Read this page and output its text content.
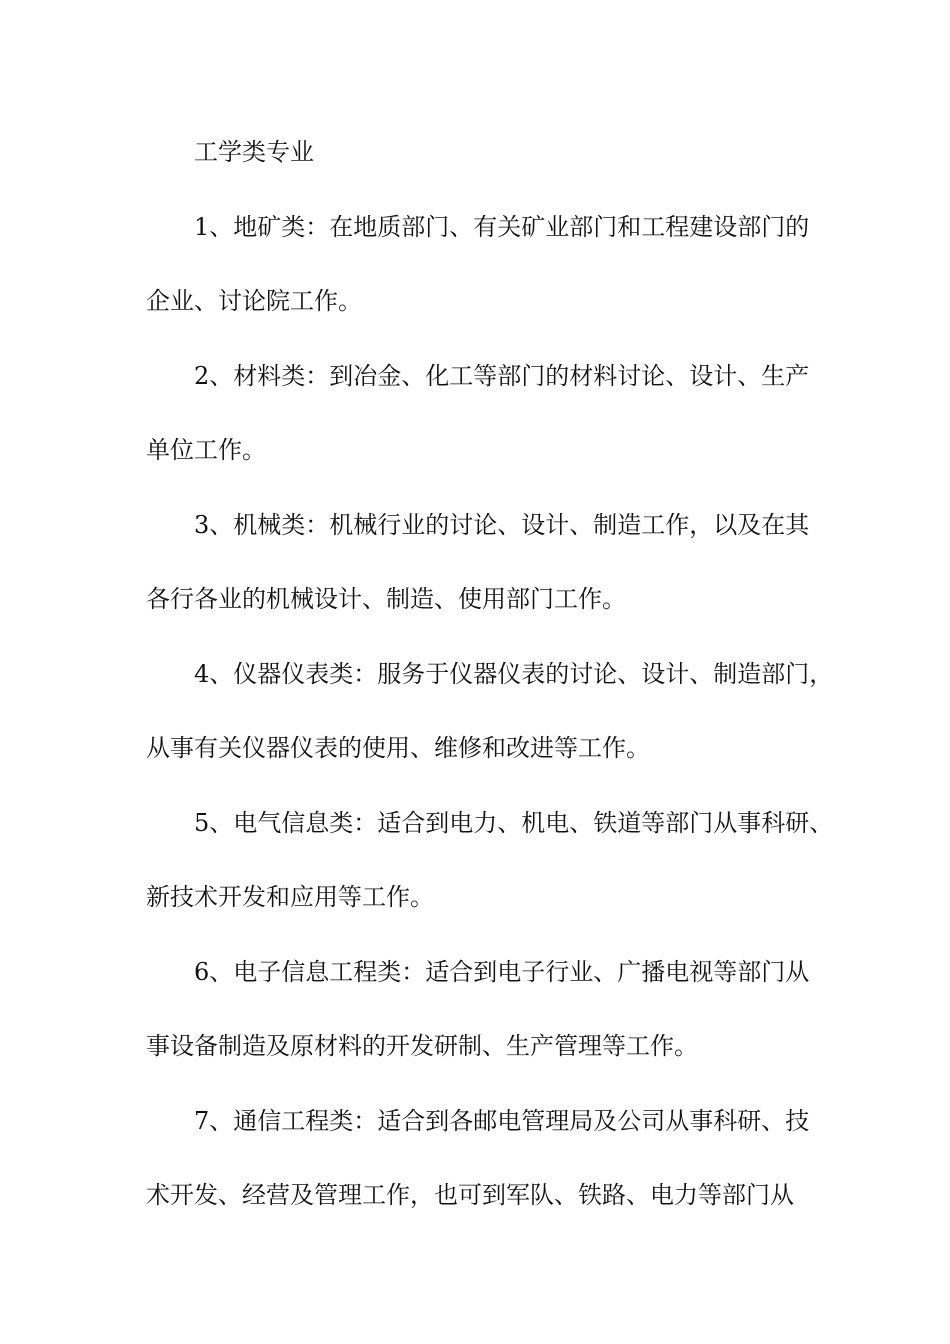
工学类专业
1、地矿类：在地质部门、有关矿业部门和工程建设部门的
企业、讨论院工作。
2、材料类：到冶金、化工等部门的材料讨论、设计、生产
单位工作。
3、机械类：机械行业的讨论、设计、制造工作，以及在其
各行各业的机械设计、制造、使用部门工作。
4、仪器仪表类：服务于仪器仪表的讨论、设计、制造部门，
从事有关仪器仪表的使用、维修和改进等工作。
5、电气信息类：适合到电力、机电、铁道等部门从事科研、
新技术开发和应用等工作。
6、电子信息工程类：适合到电子行业、广播电视等部门从
事设备制造及原材料的开发研制、生产管理等工作。
7、通信工程类：适合到各邮电管理局及公司从事科研、技
术开发、经营及管理工作，也可到军队、铁路、电力等部门从
